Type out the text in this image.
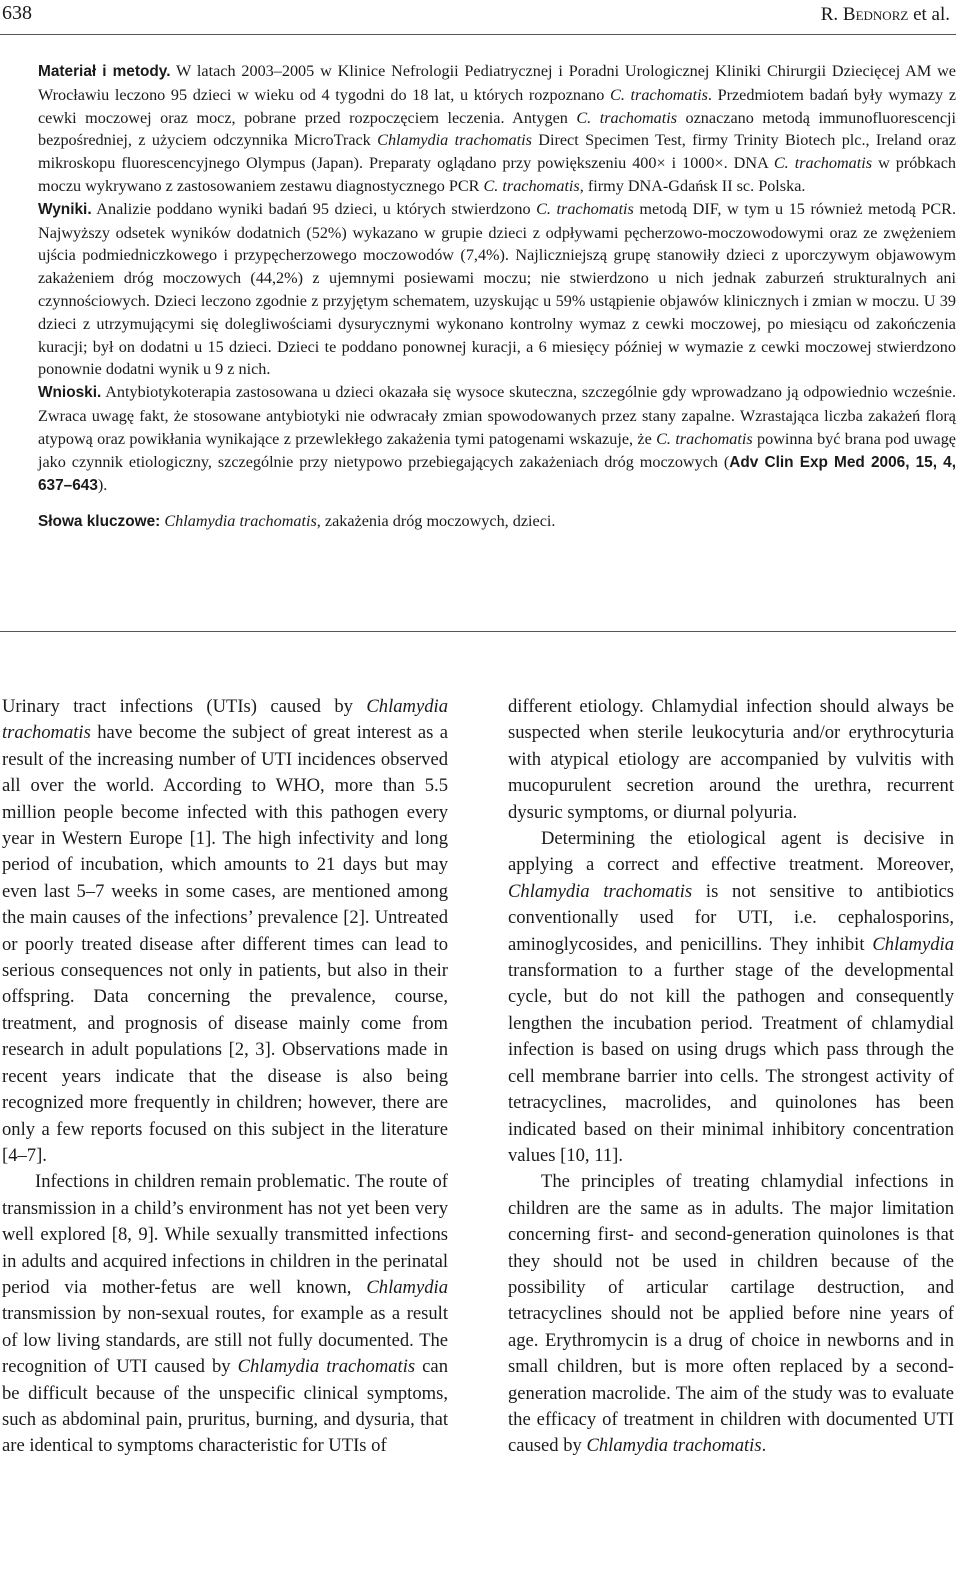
638	R. Bednorz et al.

Materiał i metody. W latach 2003–2005 w Klinice Nefrologii Pediatrycznej i Poradni Urologicznej Kliniki Chirurgii Dziecięcej AM we Wrocławiu leczono 95 dzieci w wieku od 4 tygodni do 18 lat, u których rozpoznano C. trachomatis. Przedmiotem badań były wymazy z cewki moczowej oraz mocz, pobrane przed rozpoczęciem leczenia. Antygen C. trachomatis oznaczano metodą immunofluorescencji bezpośredniej, z użyciem odczynnika MicroTrack Chlamydia trachomatis Direct Specimen Test, firmy Trinity Biotech plc., Ireland oraz mikroskopu fluorescencyjnego Olympus (Japan). Preparaty oglądano przy powiększeniu 400× i 1000×. DNA C. trachomatis w próbkach moczu wykrywano z zastosowaniem zestawu diagnostycznego PCR C. trachomatis, firmy DNA-Gdańsk II sc. Polska.

Wyniki. Analizie poddano wyniki badań 95 dzieci, u których stwierdzono C. trachomatis metodą DIF, w tym u 15 również metodą PCR. Najwyższy odsetek wyników dodatnich (52%) wykazano w grupie dzieci z odpływami pęcherzowo-moczowodowymi oraz ze zwężeniem ujścia podmiedniczkowego i przypęcherzowego moczowodów (7,4%). Najliczniejszą grupę stanowiły dzieci z uporczywym objawowym zakażeniem dróg moczowych (44,2%) z ujemnymi posiewami moczu; nie stwierdzono u nich jednak zaburzeń strukturalnych ani czynnościowych. Dzieci leczono zgodnie z przyjętym schematem, uzyskując u 59% ustąpienie objawów klinicznych i zmian w moczu. U 39 dzieci z utrzymującymi się dolegliwościami dysurycznymi wykonano kontrolny wymaz z cewki moczowej, po miesiącu od zakończenia kuracji; był on dodatni u 15 dzieci. Dzieci te poddano ponownej kuracji, a 6 miesięcy później w wymazie z cewki moczowej stwierdzono ponownie dodatni wynik u 9 z nich.

Wnioski. Antybiotykoterapia zastosowana u dzieci okazała się wysoce skuteczna, szczególnie gdy wprowadzano ją odpowiednio wcześnie. Zwraca uwagę fakt, że stosowane antybiotyki nie odwracały zmian spowodowanych przez stany zapalne. Wzrastająca liczba zakażeń florą atypową oraz powikłania wynikające z przewlekłego zakażenia tymi patogenami wskazuje, że C. trachomatis powinna być brana pod uwagę jako czynnik etiologiczny, szczególnie przy nietypowo przebiegających zakażeniach dróg moczowych (Adv Clin Exp Med 2006, 15, 4, 637–643).

Słowa kluczowe: Chlamydia trachomatis, zakażenia dróg moczowych, dzieci.

Urinary tract infections (UTIs) caused by Chlamydia trachomatis have become the subject of great interest as a result of the increasing number of UTI incidences observed all over the world. According to WHO, more than 5.5 million people become infected with this pathogen every year in Western Europe [1]. The high infectivity and long period of incubation, which amounts to 21 days but may even last 5–7 weeks in some cases, are mentioned among the main causes of the infections’ prevalence [2]. Untreated or poorly treated disease after different times can lead to serious consequences not only in patients, but also in their offspring. Data concerning the prevalence, course, treatment, and prognosis of disease mainly come from research in adult populations [2, 3]. Observations made in recent years indicate that the disease is also being recognized more frequently in children; however, there are only a few reports focused on this subject in the literature [4–7].

Infections in children remain problematic. The route of transmission in a child’s environment has not yet been very well explored [8, 9]. While sexually transmitted infections in adults and acquired infections in children in the perinatal period via mother-fetus are well known, Chlamydia transmission by non-sexual routes, for example as a result of low living standards, are still not fully documented. The recognition of UTI caused by Chlamydia trachomatis can be difficult because of the unspecific clinical symptoms, such as abdominal pain, pruritus, burning, and dysuria, that are identical to symptoms characteristic for UTIs of

different etiology. Chlamydial infection should always be suspected when sterile leukocyturia and/or erythrocyturia with atypical etiology are accompanied by vulvitis with mucopurulent secretion around the urethra, recurrent dysuric symptoms, or diurnal polyuria.

Determining the etiological agent is decisive in applying a correct and effective treatment. Moreover, Chlamydia trachomatis is not sensitive to antibiotics conventionally used for UTI, i.e. cephalosporins, aminoglycosides, and penicillins. They inhibit Chlamydia transformation to a further stage of the developmental cycle, but do not kill the pathogen and consequently lengthen the incubation period. Treatment of chlamydial infection is based on using drugs which pass through the cell membrane barrier into cells. The strongest activity of tetracyclines, macrolides, and quinolones has been indicated based on their minimal inhibitory concentration values [10, 11].

The principles of treating chlamydial infections in children are the same as in adults. The major limitation concerning first- and second-generation quinolones is that they should not be used in children because of the possibility of articular cartilage destruction, and tetracyclines should not be applied before nine years of age. Erythromycin is a drug of choice in newborns and in small children, but is more often replaced by a second-generation macrolide. The aim of the study was to evaluate the efficacy of treatment in children with documented UTI caused by Chlamydia trachomatis.
